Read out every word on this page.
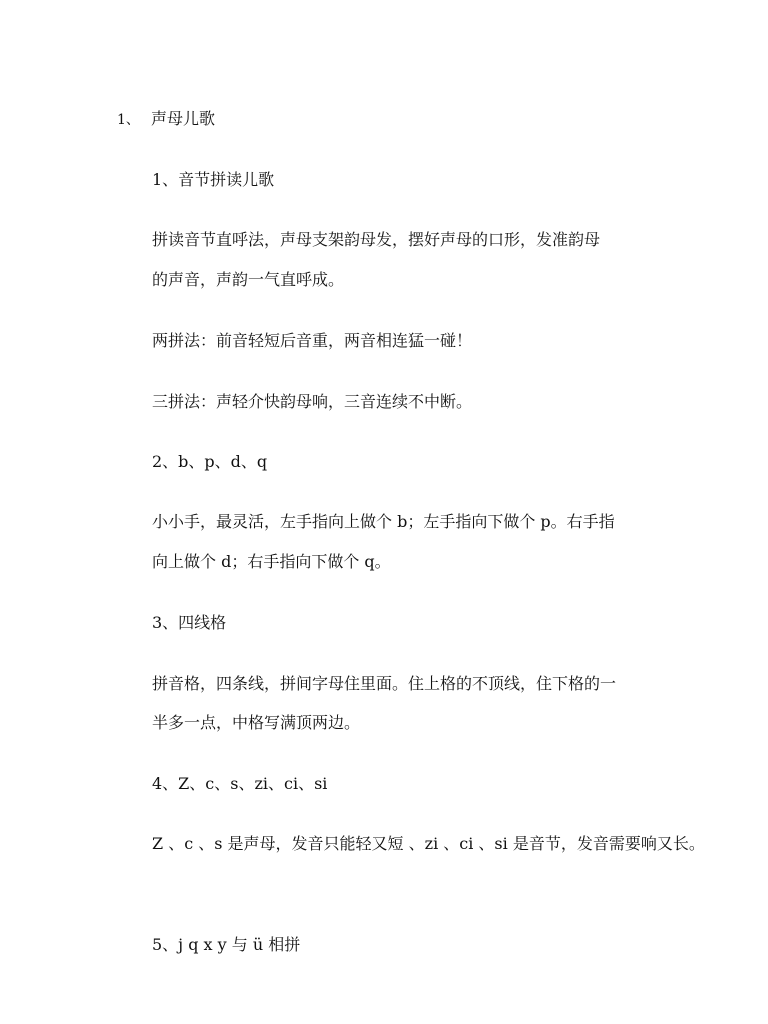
1、 声母儿歌
1、音节拼读儿歌
拼读音节直呼法，声母支架韵母发，摆好声母的口形，发准韵母
的声音，声韵一气直呼成。
两拼法：前音轻短后音重，两音相连猛一碰！
三拼法：声轻介快韵母响，三音连续不中断。
2、b、p、d、q
小小手，最灵活，左手指向上做个 b；左手指向下做个 p。右手指
向上做个 d；右手指向下做个 q。
3、四线格
拼音格，四条线，拼间字母住里面。住上格的不顶线，住下格的一
半多一点，中格写满顶两边。
4、Z、c、s、zi、ci、si
Z 、c 、s 是声母，发音只能轻又短 、zi 、ci 、si 是音节，发音需要响又长。
5、j q x y 与 ü 相拼
